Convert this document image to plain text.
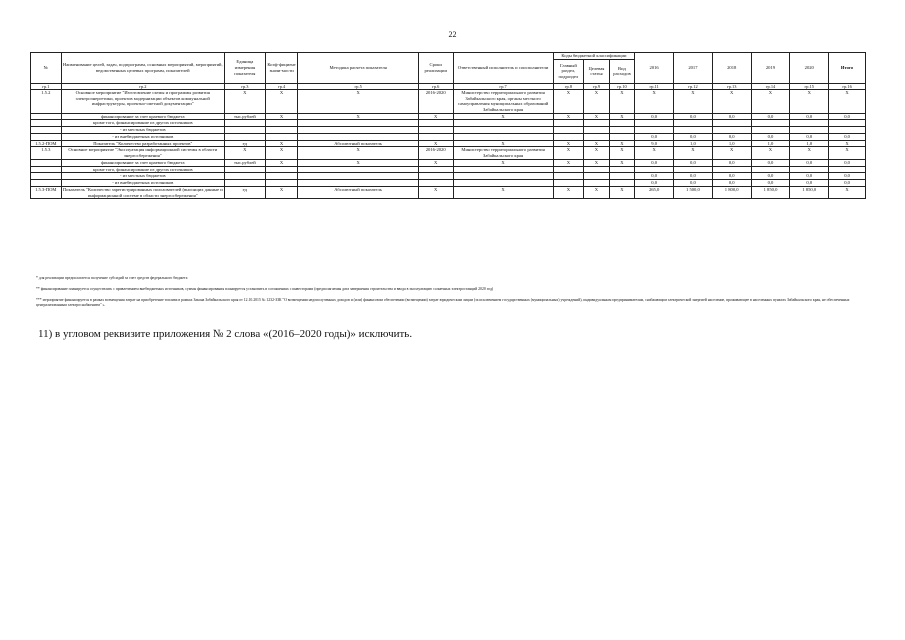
22
№	Наименование целей, задач, подпрограмм, основных мероприятий, мероприятий, ведомственных целевых программ, показателей	Единица измерения показателя	Коэф-фициент значи-мости	Методика расчета показателя	Сроки реализации	Ответственный исполнитель и соисполнители	Коды бюджетной классификации			2016	2017	2018	2019	2020	Итого
							Главный раздел, подраздел	Целевая статья	Вид расходов						
гр.1	гр.2	гр.3	гр.4	гр.5	гр.6	гр.7	гр.8	гр.9	гр.10	гр.11	гр.12	гр.13	гр.14	гр.15	гр.16
1.5.2	Основное мероприятие "Изготовление схемы и программы развития электроэнергетики, проектов модернизации объектов коммунальной инфраструктуры, проектно-сметной документации"	X	X	X	2016-2020	Министерство территориального развития Забайкальского края, органы местного самоуправления муниципальных образований Забайкальского края	X	X	X	X	X	X	X	X	X
	финансирование за счет краевого бюджета	тыс.рублей	X	X	X	X	X	X	X	0,0	0,0	0,0	0,0	0,0	0,0
	кроме того, финансирование из других источников														
	- из местных бюджетов														
	- из внебюджетных источников									0,0	0,0	0,0	0,0	0,0	0,0
1.5.2-ПОМ	Показатель "Количество разработанных проектов"	ед	X	Абсолютный показатель	X	X	X	X	X	9,0	1,0	1,0	1,0	1,0	X
1.5.3	Основное мероприятие "Эксплуатация информационной системы в области энергосбережения"	X	X	X	2016-2020	Министерство территориального развития Забайкальского края	X	X	X	X	X	X	X	X	X
	финансирование за счет краевого бюджета	тыс.рублей	X	X	X	X	X	X	X	0,0	0,0	0,0	0,0	0,0	0,0
	кроме того, финансирование из других источников														
	- из местных бюджетов									0,0	0,0	0,0	0,0	0,0	0,0
	- из внебюджетных источников									0,0	0,0	0,0	0,0	0,0	0,0
1.5.3-ПОМ	Показатель "Количество зарегистрированных пользователей (вносящих данные и информационной системе в области энергосбережения"	ед	X	Абсолютный показатель	X	X	X	X	X	265,0	1 500,0	1 800,0	1 850,0	1 850,0	X

* для реализации предполагается получение субсидий за счет средств федерального бюджета

** финансирование планируется осуществлять с привлечением внебюджетных источников, суммы финансирования планируется установить в соглашениях с инвесторами (предполагаемая дата завершения строительства и ввода в эксплуатацию солнечных электростанций 2020 год)

*** мероприятие финансируется в рамках возмещения затрат на приобретение топлива в рамках Закона Забайкальского края от 12.10.2015 № 1232-ЗЗК "О возмещении недополученных доходов и (или) финансовом обеспечении (возмещении) затрат юридическим лицам (за исключением государственных (муниципальных) учреждений), индивидуальным предпринимателям, снабжающим электрической энергией население, проживающее в населенных пунктах Забайкальского края, не обеспеченных централизованным электроснабжением" ».

11) в угловом реквизите приложения № 2 слова «(2016–2020 годы)» исключить.
